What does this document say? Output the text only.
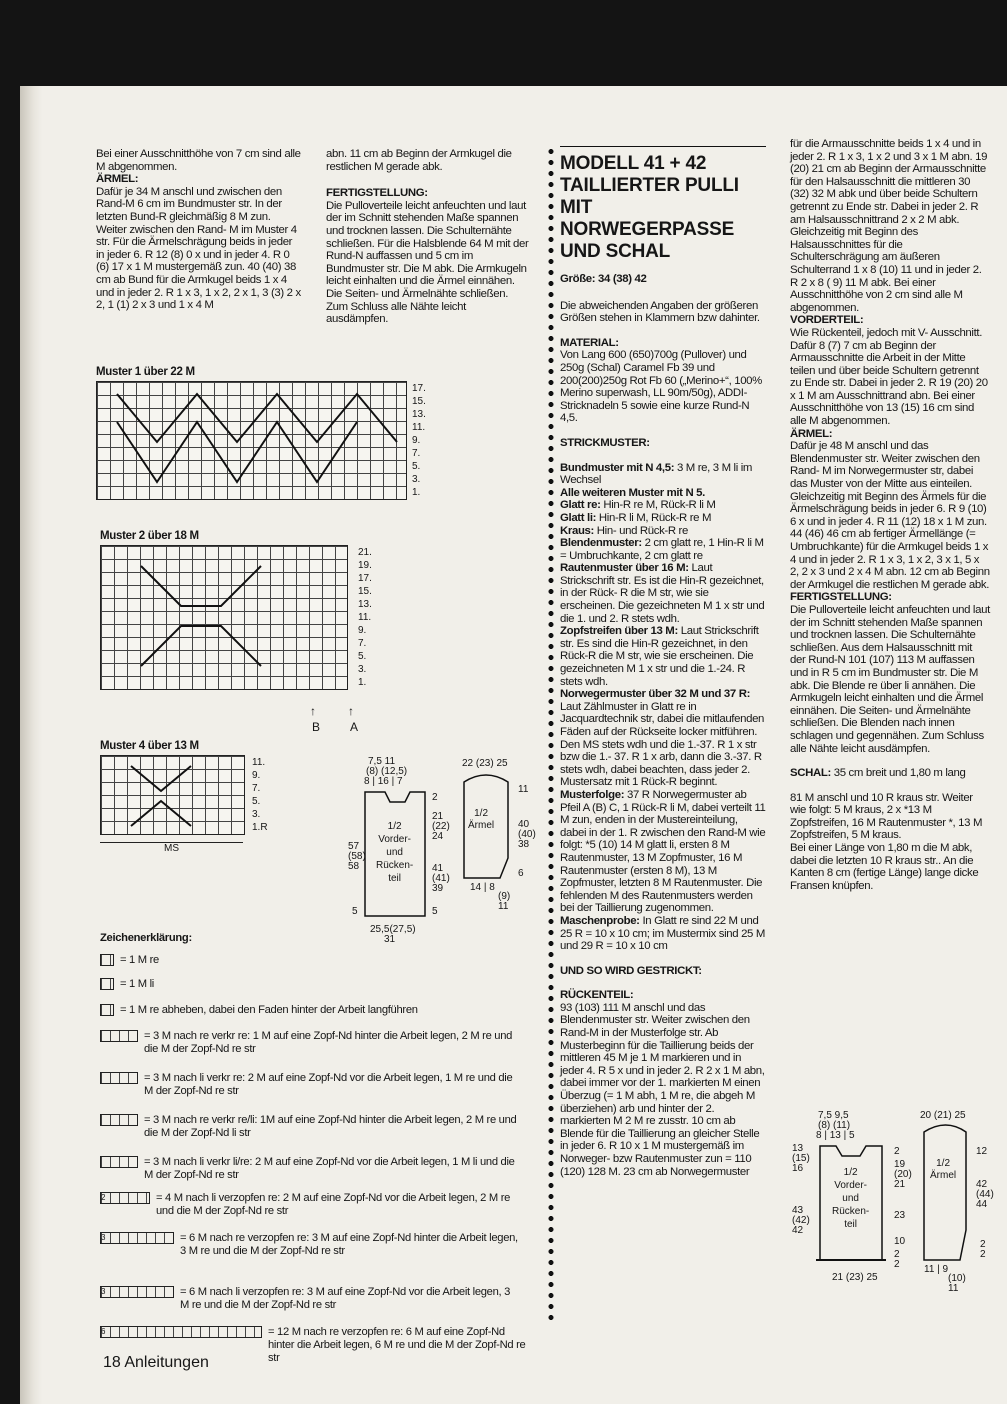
Bei einer Ausschnitthöhe von 7 cm sind alle M abgenommen.

ÄRMEL:

Dafür je 34 M anschl und zwischen den Rand-M 6 cm im Bundmuster str. In der letzten Bund-R gleichmäßig 8 M zun. Weiter zwischen den Rand- M im Muster 4 str. Für die Ärmelschrägung beids in jeder in jeder 6. R 12 (8) 0 x und in jeder 4. R 0 (6) 17 x 1 M mustergemäß zun. 40 (40) 38 cm ab Bund für die Armkugel beids 1 x 4 und in jeder 2. R 1 x 3, 1 x 2, 2 x 1, 3 (3) 2 x 2, 1 (1) 2 x 3 und 1 x 4 M

abn. 11 cm ab Beginn der Armkugel die restlichen M gerade abk.

FERTIGSTELLUNG:

Die Pulloverteile leicht anfeuchten und laut der im Schnitt stehenden Maße spannen und trocknen lassen. Die Schulternähte schließen. Für die Halsblende 64 M mit der Rund-N auffassen und 5 cm im Bundmuster str. Die M abk. Die Armkugeln leicht einhalten und die Ärmel einnähen. Die Seiten- und Ärmelnähte schließen. Zum Schluss alle Nähte leicht ausdämpfen.

Muster 1 über 22 M
17.
15.
13.
11.
9.
7.
5.
3.
1.
Muster 2 über 18 M
21.
19.
17.
15.
13.
11.
9.
7.
5.
3.
1.
↑
B
↑
A
Muster 4 über 13 M
MS
11.
9.
7.
5.
3.
1.R
7,5 11
(8) (12,5)
8 | 16 | 7
1/2
Vorder-
und
Rücken-
teil
57
(58)
58
2
21
(22)
24
41
(41)
39
5	5
25,5(27,5)
31
22 (23) 25
11
1/2
Ärmel 40
(40)
38
6
14 | 8
(9)
11
Zeichenerklärung:
= 1 M re
= 1 M li
= 1 M re abheben, dabei den Faden hinter der Arbeit langführen
= 3 M nach re verkr re: 1 M auf eine Zopf-Nd hinter die Arbeit legen, 2 M re und die M der Zopf-Nd re str
= 3 M nach li verkr re: 2 M auf eine Zopf-Nd vor die Arbeit legen, 1 M re und die M der Zopf-Nd re str
= 3 M nach re verkr re/li: 1M auf eine Zopf-Nd hinter die Arbeit legen, 2 M re und die M der Zopf-Nd li str
= 3 M nach li verkr li/re: 2 M auf eine Zopf-Nd vor die Arbeit legen, 1 M li und die M der Zopf-Nd re str
2	= 4 M nach li verzopfen re: 2 M auf eine Zopf-Nd vor die Arbeit legen, 2 M re und die M der Zopf-Nd re str
3	= 6 M nach re verzopfen re: 3 M auf eine Zopf-Nd hinter die Arbeit legen, 3 M re und die M der Zopf-Nd re str
3	= 6 M nach li verzopfen re: 3 M auf eine Zopf-Nd vor die Arbeit legen, 3 M re und die M der Zopf-Nd re str
6	= 12 M nach re verzopfen re: 6 M auf eine Zopf-Nd hinter die Arbeit legen, 6 M re und die M der Zopf-Nd re str
MODELL 41 + 42
TAILLIERTER PULLI
MIT NORWEGERPASSE
UND SCHAL

Größe: 34 (38) 42

Die abweichenden Angaben der größeren Größen stehen in Klammern bzw dahinter.

MATERIAL:

Von Lang 600 (650)700g (Pullover) und 250g (Schal) Caramel Fb 39 und 200(200)250g Rot Fb 60 („Merino+“, 100% Merino superwash, LL 90m/50g), ADDI- Stricknadeln 5 sowie eine kurze Rund-N 4,5.

STRICKMUSTER:
Bundmuster mit N 4,5: 3 M re, 3 M li im Wechsel
Alle weiteren Muster mit N 5.
Glatt re: Hin-R re M, Rück-R li M
Glatt li: Hin-R li M, Rück-R re M
Kraus: Hin- und Rück-R re
Blendenmuster: 2 cm glatt re, 1 Hin-R li M = Umbruchkante, 2 cm glatt re
Rautenmuster über 16 M: Laut Strickschrift str. Es ist die Hin-R gezeichnet, in der Rück- R die M str, wie sie erscheinen. Die gezeichneten M 1 x str und die 1. und 2. R stets wdh.
Zopfstreifen über 13 M: Laut Strickschrift str. Es sind die Hin-R gezeichnet, in den Rück-R die M str, wie sie erscheinen. Die gezeichneten M 1 x str und die 1.-24. R stets wdh.
Norwegermuster über 32 M und 37 R: Laut Zählmuster in Glatt re in Jacquardtechnik str, dabei die mitlaufenden Fäden auf der Rückseite locker mitführen. Den MS stets wdh und die 1.-37. R 1 x str bzw die 1.- 37. R 1 x arb, dann die 3.-37. R stets wdh, dabei beachten, dass jeder 2. Mustersatz mit 1 Rück-R beginnt.
Musterfolge: 37 R Norwegermuster ab Pfeil A (B) C, 1 Rück-R li M, dabei verteilt 11 M zun, enden in der Mustereinteilung, dabei in der 1. R zwischen den Rand-M wie folgt: *5 (10) 14 M glatt li, ersten 8 M Rautenmuster, 13 M Zopfmuster, 16 M Rautenmuster (ersten 8 M), 13 M Zopfmuster, letzten 8 M Rautenmuster. Die fehlenden M des Rautenmusters werden bei der Taillierung zugenommen.
Maschenprobe: In Glatt re sind 22 M und 25 R = 10 x 10 cm; im Mustermix sind 25 M und 29 R = 10 x 10 cm
UND SO WIRD GESTRICKT:
RÜCKENTEIL:

93 (103) 111 M anschl und das Blendenmuster str. Weiter zwischen den Rand-M in der Musterfolge str. Ab Musterbeginn für die Taillierung beids der mittleren 45 M je 1 M markieren und in jeder 4. R 5 x und in jeder 2. R 2 x 1 M abn, dabei immer vor der 1. markierten M einen Überzug (= 1 M abh, 1 M re, die abgeh M überziehen) arb und hinter der 2. markierten M 2 M re zusstr. 10 cm ab Blende für die Taillierung an gleicher Stelle in jeder 6. R 10 x 1 M mustergemäß im Norweger- bzw Rautenmuster zun = 110 (120) 128 M. 23 cm ab Norwegermuster

für die Armausschnitte beids 1 x 4 und in jeder 2. R 1 x 3, 1 x 2 und 3 x 1 M abn. 19 (20) 21 cm ab Beginn der Armausschnitte für den Halsausschnitt die mittleren 30 (32) 32 M abk und über beide Schultern getrennt zu Ende str. Dabei in jeder 2. R am Halsausschnittrand 2 x 2 M abk. Gleichzeitig mit Beginn des Halsausschnittes für die Schulterschrägung am äußeren Schulterrand 1 x 8 (10) 11 und in jeder 2. R 2 x 8 ( 9) 11 M abk. Bei einer Ausschnitthöhe von 2 cm sind alle M abgenommen.

VORDERTEIL:

Wie Rückenteil, jedoch mit V- Ausschnitt. Dafür 8 (7) 7 cm ab Beginn der Armausschnitte die Arbeit in der Mitte teilen und über beide Schultern getrennt zu Ende str. Dabei in jeder 2. R 19 (20) 20 x 1 M am Ausschnittrand abn. Bei einer Ausschnitthöhe von 13 (15) 16 cm sind alle M abgenommen.

ÄRMEL:

Dafür je 48 M anschl und das Blendenmuster str. Weiter zwischen den Rand- M im Norwegermuster str, dabei das Muster von der Mitte aus einteilen. Gleichzeitig mit Beginn des Ärmels für die Ärmelschrägung beids in jeder 6. R 9 (10) 6 x und in jeder 4. R 11 (12) 18 x 1 M zun. 44 (46) 46 cm ab fertiger Ärmellänge (= Umbruchkante) für die Armkugel beids 1 x 4 und in jeder 2. R 1 x 3, 1 x 2, 3 x 1, 5 x 2, 2 x 3 und 2 x 4 M abn. 12 cm ab Beginn der Armkugel die restlichen M gerade abk.

FERTIGSTELLUNG:

Die Pulloverteile leicht anfeuchten und laut der im Schnitt stehenden Maße spannen und trocknen lassen. Die Schulternähte schließen. Aus dem Halsausschnitt mit der Rund-N 101 (107) 113 M auffassen und in R 5 cm im Bundmuster str. Die M abk. Die Blende re über li annähen. Die Armkugeln leicht einhalten und die Ärmel einnähen. Die Seiten- und Ärmelnähte schließen. Die Blenden nach innen schlagen und gegennähen. Zum Schluss alle Nähte leicht ausdämpfen.

SCHAL: 35 cm breit und 1,80 m lang

81 M anschl und 10 R kraus str. Weiter wie folgt: 5 M kraus, 2 x *13 M Zopfstreifen, 16 M Rautenmuster *, 13 M Zopfstreifen, 5 M kraus.

Bei einer Länge von 1,80 m die M abk, dabei die letzten 10 R kraus str.. An die Kanten 8 cm (fertige Länge) lange dicke Fransen knüpfen.

7,5 9,5
(8) (11)
8 | 13 | 5
13
(15)
16
2
19
(20)
21
1/2
Vorder-
und
Rücken-
teil
43
(42)
42
23
10
2
2
21 (23) 25
20 (21) 25
12
1/2
Ärmel
42
(44)
44
2
2
11 | 9
(10)
11
18 Anleitungen
